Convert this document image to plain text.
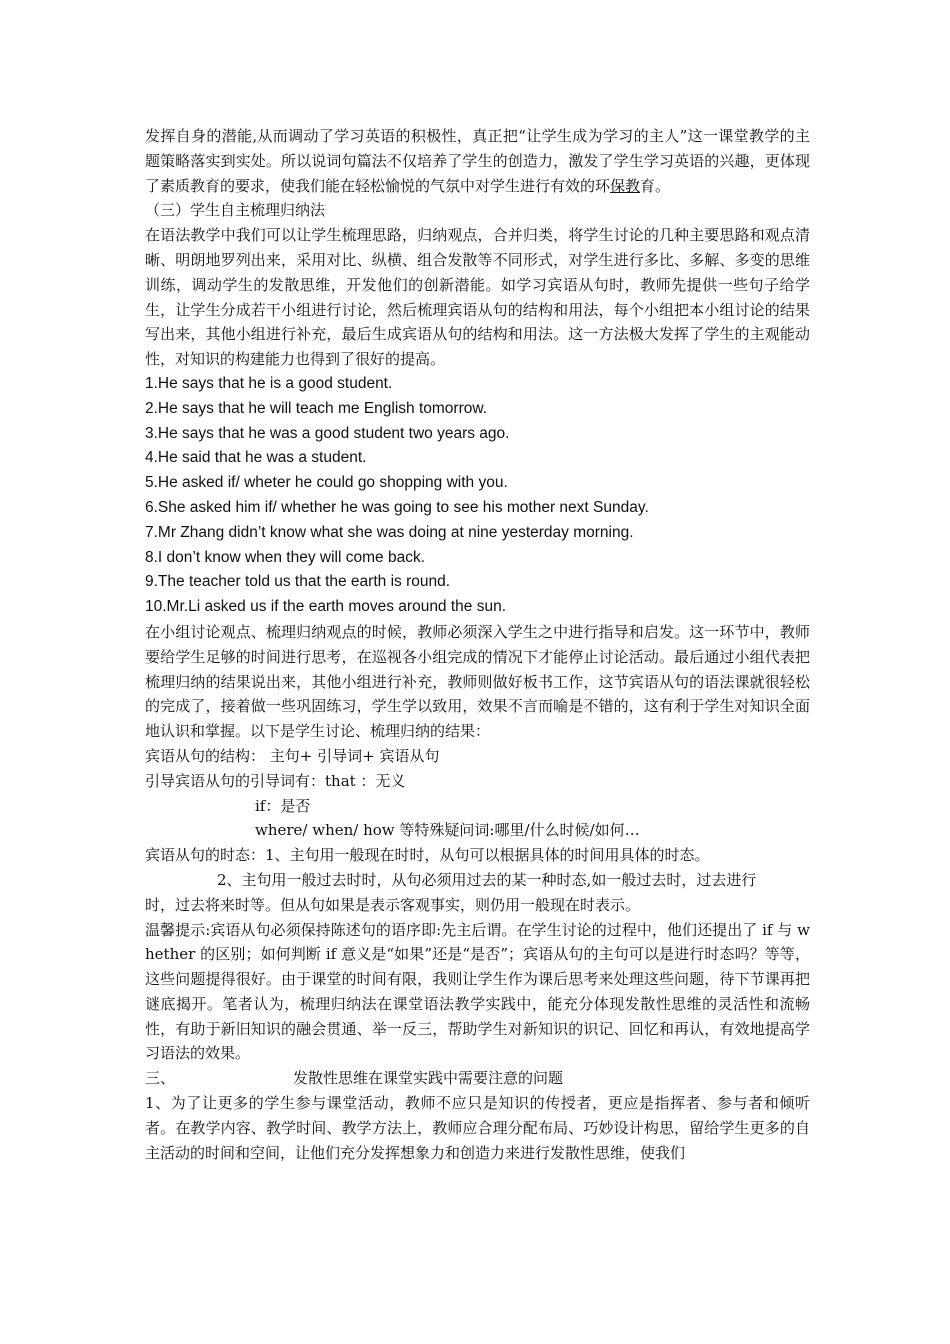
发挥自身的潜能,从而调动了学习英语的积极性，真正把“让学生成为学习的主人”这一课堂教学的主题策略落实到实处。所以说词句篇法不仅培养了学生的创造力，激发了学生学习英语的兴趣，更体现了素质教育的要求，使我们能在轻松愉悦的气氛中对学生进行有效的环保教育。

（三）学生自主梳理归纳法

在语法教学中我们可以让学生梳理思路，归纳观点，合并归类，将学生讨论的几种主要思路和观点清晰、明朗地罗列出来，采用对比、纵横、组合发散等不同形式，对学生进行多比、多解、多变的思维训练，调动学生的发散思维，开发他们的创新潜能。如学习宾语从句时，教师先提供一些句子给学生，让学生分成若干小组进行讨论，然后梳理宾语从句的结构和用法，每个小组把本小组讨论的结果写出来，其他小组进行补充，最后生成宾语从句的结构和用法。这一方法极大发挥了学生的主观能动性，对知识的构建能力也得到了很好的提高。

1.He says that he is a good student.

2.He says that he will teach me English tomorrow.

3.He says that he was a good student two years ago.

4.He said that he was a student.

5.He asked if/ wheter he could go shopping with you.

6.She asked him if/ whether he was going to see his mother next Sunday.

7.Mr Zhang didn’t know what she was doing at nine yesterday morning.

8.I don’t know when they will come back.

9.The teacher told us that the earth is round.

10.Mr.Li asked us if the earth moves around the sun.

在小组讨论观点、梳理归纳观点的时候，教师必须深入学生之中进行指导和启发。这一环节中，教师要给学生足够的时间进行思考，在巡视各小组完成的情况下才能停止讨论活动。最后通过小组代表把梳理归纳的结果说出来，其他小组进行补充，教师则做好板书工作，这节宾语从句的语法课就很轻松的完成了，接着做一些巩固练习，学生学以致用，效果不言而喻是不错的，这有利于学生对知识全面地认识和掌握。以下是学生讨论、梳理归纳的结果：

宾语从句的结构： 主句+ 引导词+ 宾语从句

引导宾语从句的引导词有：that ：无义

if：是否

where/ when/ how 等特殊疑问词:哪里/什么时候/如何…

宾语从句的时态：1、主句用一般现在时时，从句可以根据具体的时间用具体的时态。

2、主句用一般过去时时，从句必须用过去的某一种时态,如一般过去时，过去进行

时，过去将来时等。但从句如果是表示客观事实，则仍用一般现在时表示。

温馨提示:宾语从句必须保持陈述句的语序即:先主后谓。在学生讨论的过程中，他们还提出了 if 与 whether 的区别；如何判断 if 意义是“如果”还是“是否”；宾语从句的主句可以是进行时态吗？等等，这些问题提得很好。由于课堂的时间有限，我则让学生作为课后思考来处理这些问题，待下节课再把谜底揭开。笔者认为，梳理归纳法在课堂语法教学实践中，能充分体现发散性思维的灵活性和流畅性，有助于新旧知识的融会贯通、举一反三，帮助学生对新知识的识记、回忆和再认，有效地提高学习语法的效果。

三、	发散性思维在课堂实践中需要注意的问题

1、为了让更多的学生参与课堂活动，教师不应只是知识的传授者，更应是指挥者、参与者和倾听者。在教学内容、教学时间、教学方法上，教师应合理分配布局、巧妙设计构思，留给学生更多的自主活动的时间和空间，让他们充分发挥想象力和创造力来进行发散性思维，使我们
